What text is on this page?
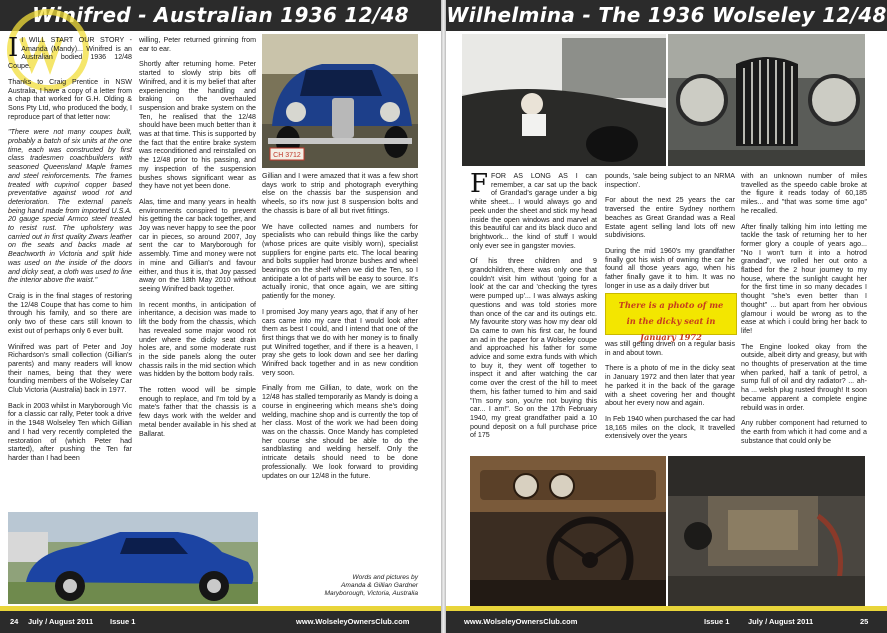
Winifred - Australian 1936 12/48

I I WILL START OUR STORY - Amanda (Mandy)... Winifred is an Australian bodied 1936 12/48 Coupe.

Thanks to Craig Prentice in NSW Australia, I have a copy of a letter from a chap that worked for G.H. Olding & Sons Pty Ltd, who produced the body, I reproduce part of that letter now:

"There were not many coupes built, probably a batch of six units at the one time, each was constructed by first class tradesmen coachbuilders with seasoned Queensland Maple frames and steel reinforcements. The frames treated with cuprinol copper based preventative against wood rot and deterioration. The external panels being hand made from imported U.S.A. 20 gauge special Armco steel treated to resist rust. The upholstery was carried out in first quality Zwars leather on the seats and backs made at Beachworth in Victoria and split hide was used on the inside of the doors and dicky seat, a cloth was used to line the interior above the waist."

Craig is in the final stages of restoring the 12/48 Coupe that has come to him through his family, and so there are only two of these cars still known to exist out of perhaps only 6 ever built.

Winifred was part of Peter and Joy Richardson's small collection (Gillian's parents) and many readers will know their names, being that they were founding members of the Wolseley Car Club Victoria (Australia) back in 1977.

Back in 2003 whilst in Maryborough Vic for a classic car rally, Peter took a drive in the 1948 Wolseley Ten which Gillian and I had very recently completed the restoration of (which Peter had started), after pushing the Ten far harder than I had been

willing, Peter returned grinning from ear to ear.

Shortly after returning home. Peter started to slowly strip bits off Winifred, and it is my belief that after experiencing the handling and braking on the overhauled suspension and brake system on the Ten, he realised that the 12/48 should have been much better than it was at that time. This is supported by the fact that the entire brake system was reconditioned and reinstalled on the 12/48 prior to his passing, and my inspection of the suspension bushes shows significant wear as they have not yet been done.

Alas, time and many years in health environments conspired to prevent his getting the car back together, and Joy was never happy to see the poor car in pieces, so around 2007, Joy sent the car to Maryborough for assembly. Time and money were not in mine and Gillian's and favour either, and thus it is, that Joy passed away on the 18th May 2010 without seeing Winifred back together.

In recent months, in anticipation of inheritance, a decision was made to lift the body from the chassis, which has revealed some major wood rot under where the dicky seat drain holes are, and some moderate rust in the side panels along the outer chassis rails in the mid section which was hidden by the bottom body rails.

The rotten wood will be simple enough to replace, and I'm told by a mate's father that the chassis is a few days work with the welder and metal bender available in his shed at Ballarat.

Gillian and I were amazed that it was a few short days work to strip and photograph everything else on the chassis bar the suspension and wheels, so it's now just 8 suspension bolts and the chassis is bare of all but rivet fittings.

We have collected names and numbers for specialists who can rebuild things like the carby (whose prices are quite visibly worn), specialist suppliers for engine parts etc. The local bearing and bolts supplier had bronze bushes and wheel bearings on the shelf when we did the Ten, so I anticipate a lot of parts will be easy to source. It's actually ironic, that once again, we are sitting patiently for the money.

I promised Joy many years ago, that if any of her cars came into my care that I would look after them as best I could, and I intend that one of the first things that we do with her money is to finally put Winifred together, and if there is a heaven, I pray she gets to look down and see her darling Winifred back together and in as new condition very soon.

Finally from me Gillian, to date, work on the 12/48 has stalled temporarily as Mandy is doing a course in engineering which means she's doing welding, machine shop and is currently the top of her class. Most of the work we had been doing was on the chassis. Once Mandy has completed her course she should be able to do the sandblasting and welding herself. Only the intricate details should need to be done professionally. We look forward to providing updates on our 12/48 in the future.

Words and pictures by
Amanda & Gillian Gardner
Maryborough, Victoria, Australia
CH 3712
24 July / August 2011 Issue 1	www.WolseleyOwnersClub.com
Wilhelmina - The 1936 Wolseley 12/48

FFOR AS LONG AS I can remember, a car sat up the back of Grandad's garage under a big white sheet... I would always go and peek under the sheet and stick my head inside the open windows and marvel at this beautiful car and its black duco and brightwork... the kind of stuff I would only ever see in gangster movies.

Of his three children and 9 grandchildren, there was only one that couldn't visit him without 'going for a look' at the car and 'checking the tyres were pumped up'... I was always asking questions and was told stories more than once of the car and its outings etc. My favourite story was how my dear old Da came to own his first car, he found an ad in the paper for a Wolseley coupe and approached his father for some advice and some extra funds with which to buy it, they went off together to inspect it and after watching the car come over the crest of the hill to meet them, his father turned to him and said "I'm sorry son, you're not buying this car... I am!". So on the 17th February 1940, my great grandfather paid a 10 pound deposit on a full purchase price of 175

pounds, 'sale being subject to an NRMA inspection'.

For about the next 25 years the car traversed the entire Sydney northern beaches as Great Grandad was a Real Estate agent selling land lots off new subdivisions.

During the mid 1960's my grandfather finally got his wish of owning the car he found all those years ago, when his father finally gave it to him. It was no longer in use as a daily driver but

was still getting driven on a regular basis in and about town.

There is a photo of me in the dicky seat in January 1972 and then later that year he parked it in the back of the garage with a sheet covering her and thought about her every now and again.

In Feb 1940 when purchased the car had 18,165 miles on the clock, It travelled extensively over the years

with an unknown number of miles travelled as the speedo cable broke at the figure it reads today of 60,185 miles... and "that was some time ago" he recalled.

After finally talking him into letting me tackle the task of returning her to her former glory a couple of years ago... "No I won't turn it into a hotrod grandad", we rolled her out onto a flatbed for the 2 hour journey to my house, where the sunlight caught her for the first time in so many decades I thought "she's even better than I thought" ... but apart from her obvious glamour i would be wrong as to the ease at which i could bring her back to life!

The Engine looked okay from the outside, albeit dirty and greasy, but with no thoughts of preservation at the time when parked, half a tank of petrol, a sump full of oil and dry radiator? ... ah-ha ... welsh plug rusted through! It soon became apparent a complete engine rebuild was in order.

Any rubber component had returned to the earth from which it had come and a substance that could only be

There is a photo of me
in the dicky seat in
January 1972
www.WolseleyOwnersClub.com	Issue 1 July / August 2011	25
